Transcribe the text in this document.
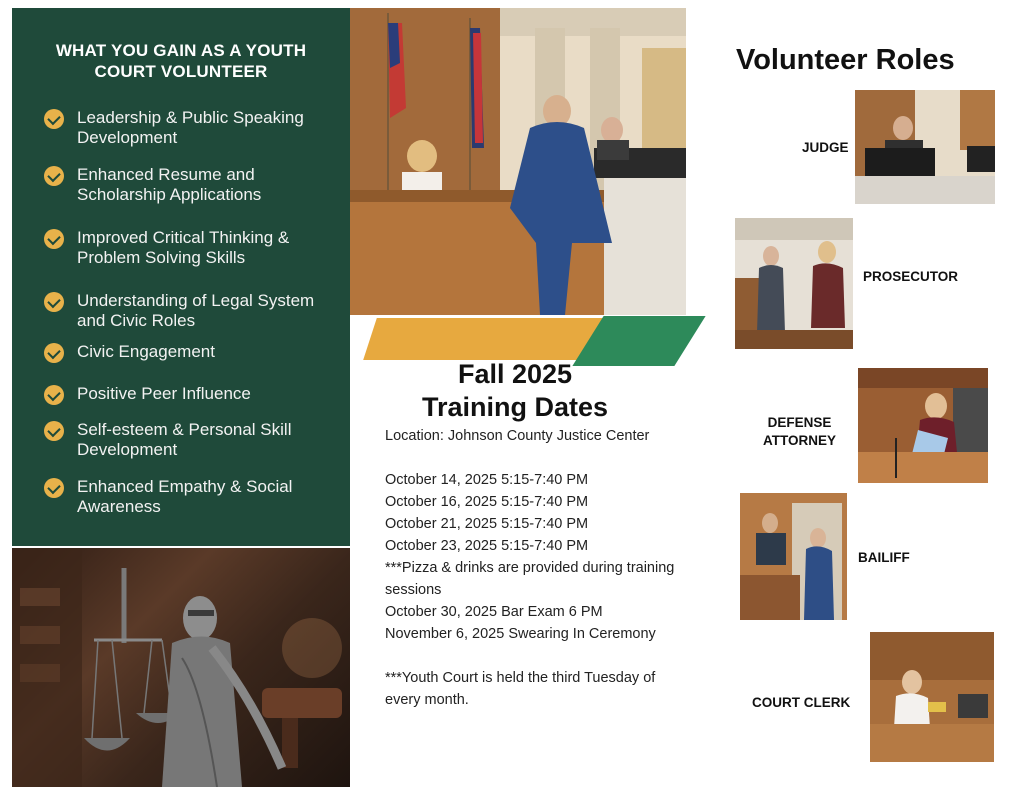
WHAT YOU GAIN AS A YOUTH COURT VOLUNTEER
Leadership & Public Speaking Development
Enhanced Resume and Scholarship Applications
Improved Critical Thinking & Problem Solving Skills
Understanding of Legal System and Civic Roles
Civic Engagement
Positive Peer Influence
Self-esteem & Personal Skill Development
Enhanced Empathy & Social Awareness
Fall 2025
Training Dates

Location: Johnson County Justice Center

October 14, 2025 5:15-7:40 PM

October 16, 2025 5:15-7:40 PM

October 21, 2025 5:15-7:40 PM

October 23, 2025 5:15-7:40 PM

***Pizza & drinks are provided during training sessions

October 30, 2025 Bar Exam 6 PM

November 6, 2025 Swearing In Ceremony

***Youth Court is held the third Tuesday of every month.

Volunteer Roles
JUDGE
PROSECUTOR
DEFENSE
ATTORNEY
BAILIFF
COURT CLERK
